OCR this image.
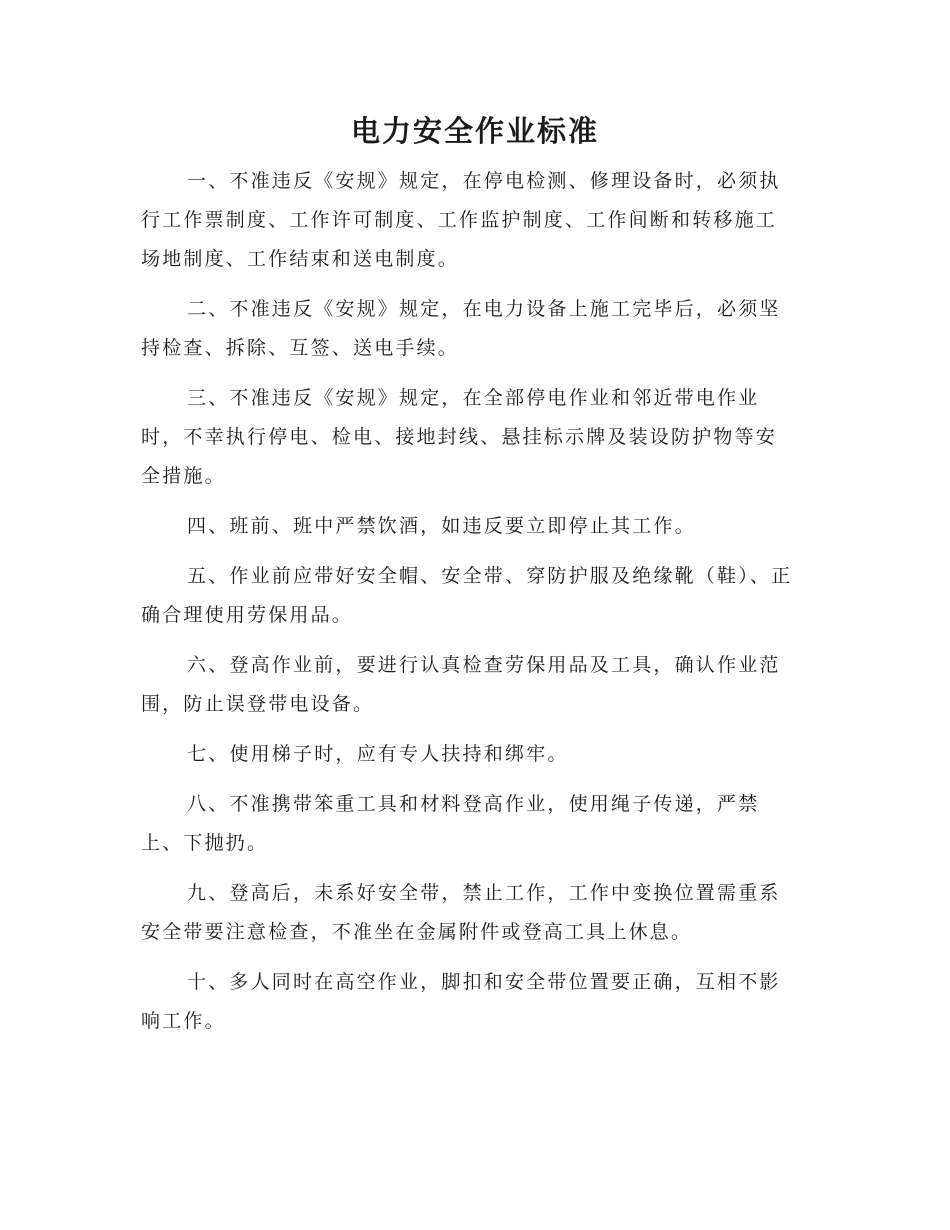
电力安全作业标准

一、不准违反《安规》规定，在停电检测、修理设备时，必须执行工作票制度、工作许可制度、工作监护制度、工作间断和转移施工场地制度、工作结束和送电制度。

二、不准违反《安规》规定，在电力设备上施工完毕后，必须坚持检查、拆除、互签、送电手续。

三、不准违反《安规》规定，在全部停电作业和邻近带电作业时，不幸执行停电、检电、接地封线、悬挂标示牌及装设防护物等安全措施。

四、班前、班中严禁饮酒，如违反要立即停止其工作。

五、作业前应带好安全帽、安全带、穿防护服及绝缘靴（鞋）、正确合理使用劳保用品。

六、登高作业前，要进行认真检查劳保用品及工具，确认作业范围，防止误登带电设备。

七、使用梯子时，应有专人扶持和绑牢。

八、不准携带笨重工具和材料登高作业，使用绳子传递，严禁上、下抛扔。

九、登高后，未系好安全带，禁止工作，工作中变换位置需重系安全带要注意检查，不准坐在金属附件或登高工具上休息。

十、多人同时在高空作业，脚扣和安全带位置要正确，互相不影响工作。
